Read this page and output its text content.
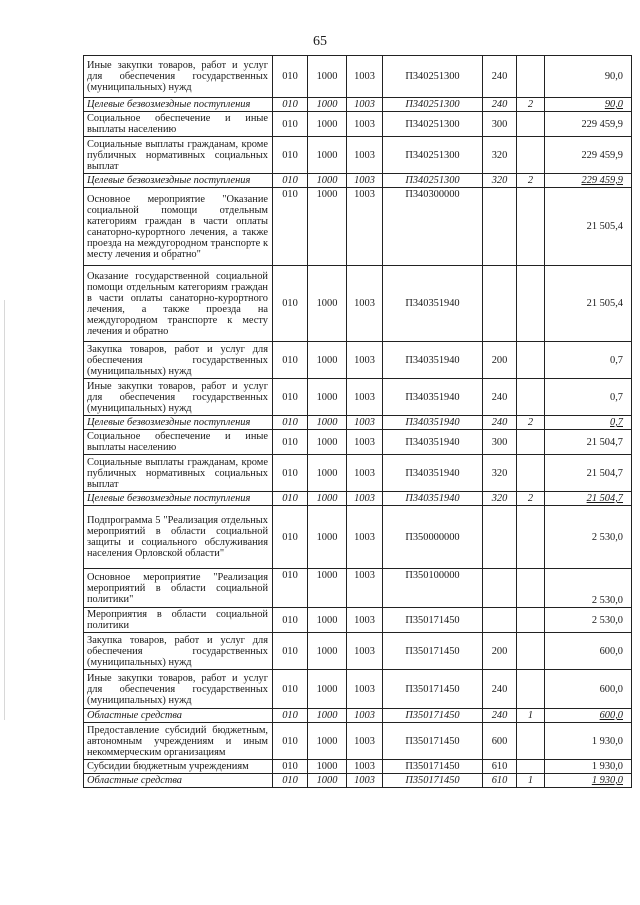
65
Иные закупки товаров, работ и услуг для обеспечения государственных (муниципальных) нужд	010	1000	1003	П340251300	240		90,0
Целевые безвозмездные поступления	010	1000	1003	П340251300	240	2	90,0
Социальное обеспечение и иные выплаты населению	010	1000	1003	П340251300	300		229 459,9
Социальные выплаты гражданам, кроме публичных нормативных социальных выплат	010	1000	1003	П340251300	320		229 459,9
Целевые безвозмездные поступления	010	1000	1003	П340251300	320	2	229 459,9
Основное мероприятие "Оказание социальной помощи отдельным категориям граждан в части оплаты санаторно-курортного лечения, а также проезда на междугородном транспорте к месту лечения и обратно"	010	1000	1003	П340300000			21 505,4
Оказание государственной социальной помощи отдельным категориям граждан в части оплаты санаторно-курортного лечения, а также проезда на междугородном транспорте к месту лечения и обратно	010	1000	1003	П340351940			21 505,4
Закупка товаров, работ и услуг для обеспечения государственных (муниципальных) нужд	010	1000	1003	П340351940	200		0,7
Иные закупки товаров, работ и услуг для обеспечения государственных (муниципальных) нужд	010	1000	1003	П340351940	240		0,7
Целевые безвозмездные поступления	010	1000	1003	П340351940	240	2	0,7
Социальное обеспечение и иные выплаты населению	010	1000	1003	П340351940	300		21 504,7
Социальные выплаты гражданам, кроме публичных нормативных социальных выплат	010	1000	1003	П340351940	320		21 504,7
Целевые безвозмездные поступления	010	1000	1003	П340351940	320	2	21 504,7
Подпрограмма 5 "Реализация отдельных мероприятий в области социальной защиты и социального обслуживания населения Орловской области"	010	1000	1003	П350000000			2 530,0
Основное мероприятие "Реализация мероприятий в области социальной политики"	010	1000	1003	П350100000			2 530,0
Мероприятия в области социальной политики	010	1000	1003	П350171450			2 530,0
Закупка товаров, работ и услуг для обеспечения государственных (муниципальных) нужд	010	1000	1003	П350171450	200		600,0
Иные закупки товаров, работ и услуг для обеспечения государственных (муниципальных) нужд	010	1000	1003	П350171450	240		600,0
Областные средства	010	1000	1003	П350171450	240	1	600,0
Предоставление субсидий бюджетным, автономным учреждениям и иным некоммерческим организациям	010	1000	1003	П350171450	600		1 930,0
Субсидии бюджетным учреждениям	010	1000	1003	П350171450	610		1 930,0
Областные средства	010	1000	1003	П350171450	610	1	1 930,0
